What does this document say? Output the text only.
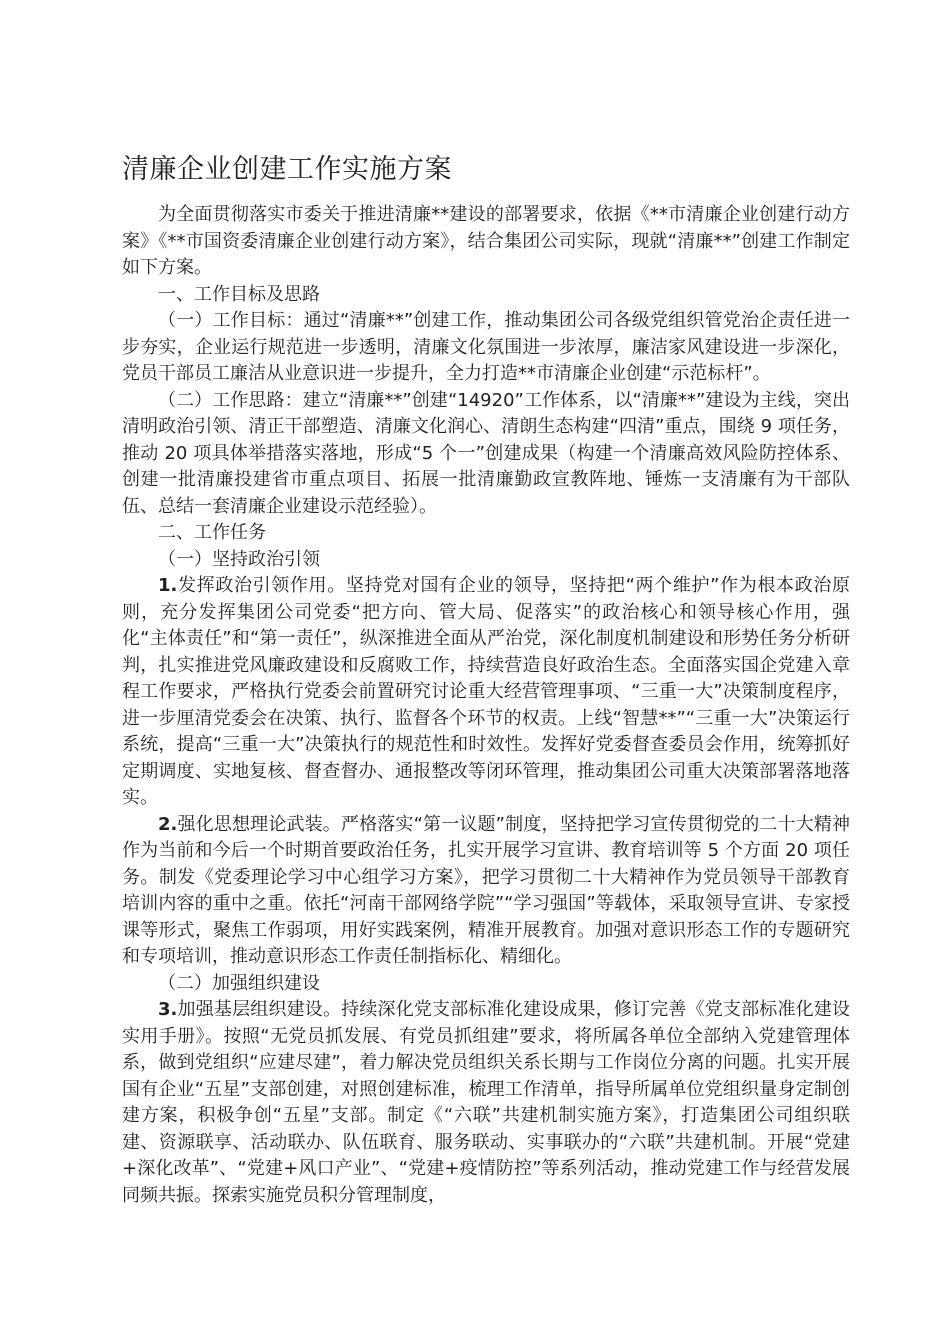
清廉企业创建工作实施方案

为全面贯彻落实市委关于推进清廉**建设的部署要求，依据《**市清廉企业创建行动方案》《**市国资委清廉企业创建行动方案》，结合集团公司实际，现就“清廉**”创建工作制定如下方案。

一、工作目标及思路

（一）工作目标：通过“清廉**”创建工作，推动集团公司各级党组织管党治企责任进一步夯实，企业运行规范进一步透明，清廉文化氛围进一步浓厚，廉洁家风建设进一步深化，党员干部员工廉洁从业意识进一步提升，全力打造**市清廉企业创建“示范标杆”。

（二）工作思路：建立“清廉**”创建“14920”工作体系，以“清廉**”建设为主线，突出清明政治引领、清正干部塑造、清廉文化润心、清朗生态构建“四清”重点，围绕 9 项任务，推动 20 项具体举措落实落地，形成“5 个一”创建成果（构建一个清廉高效风险防控体系、创建一批清廉投建省市重点项目、拓展一批清廉勤政宣教阵地、锤炼一支清廉有为干部队伍、总结一套清廉企业建设示范经验）。

二、工作任务

（一）坚持政治引领

1.发挥政治引领作用。坚持党对国有企业的领导，坚持把“两个维护”作为根本政治原则，充分发挥集团公司党委“把方向、管大局、促落实”的政治核心和领导核心作用，强化“主体责任”和“第一责任”，纵深推进全面从严治党，深化制度机制建设和形势任务分析研判，扎实推进党风廉政建设和反腐败工作，持续营造良好政治生态。全面落实国企党建入章程工作要求，严格执行党委会前置研究讨论重大经营管理事项、“三重一大”决策制度程序，进一步厘清党委会在决策、执行、监督各个环节的权责。上线“智慧**”“三重一大”决策运行系统，提高“三重一大”决策执行的规范性和时效性。发挥好党委督查委员会作用，统筹抓好定期调度、实地复核、督查督办、通报整改等闭环管理，推动集团公司重大决策部署落地落实。

2.强化思想理论武装。严格落实“第一议题”制度，坚持把学习宣传贯彻党的二十大精神作为当前和今后一个时期首要政治任务，扎实开展学习宣讲、教育培训等 5 个方面 20 项任务。制发《党委理论学习中心组学习方案》，把学习贯彻二十大精神作为党员领导干部教育培训内容的重中之重。依托“河南干部网络学院”“学习强国”等载体，采取领导宣讲、专家授课等形式，聚焦工作弱项，用好实践案例，精准开展教育。加强对意识形态工作的专题研究和专项培训，推动意识形态工作责任制指标化、精细化。

（二）加强组织建设

3.加强基层组织建设。持续深化党支部标准化建设成果，修订完善《党支部标准化建设实用手册》。按照“无党员抓发展、有党员抓组建”要求，将所属各单位全部纳入党建管理体系，做到党组织“应建尽建”，着力解决党员组织关系长期与工作岗位分离的问题。扎实开展国有企业“五星”支部创建，对照创建标准，梳理工作清单，指导所属单位党组织量身定制创建方案，积极争创“五星”支部。制定《“六联”共建机制实施方案》，打造集团公司组织联建、资源联享、活动联办、队伍联育、服务联动、实事联办的“六联”共建机制。开展“党建+深化改革”、“党建+风口产业”、“党建+疫情防控”等系列活动，推动党建工作与经营发展同频共振。探索实施党员积分管理制度，
